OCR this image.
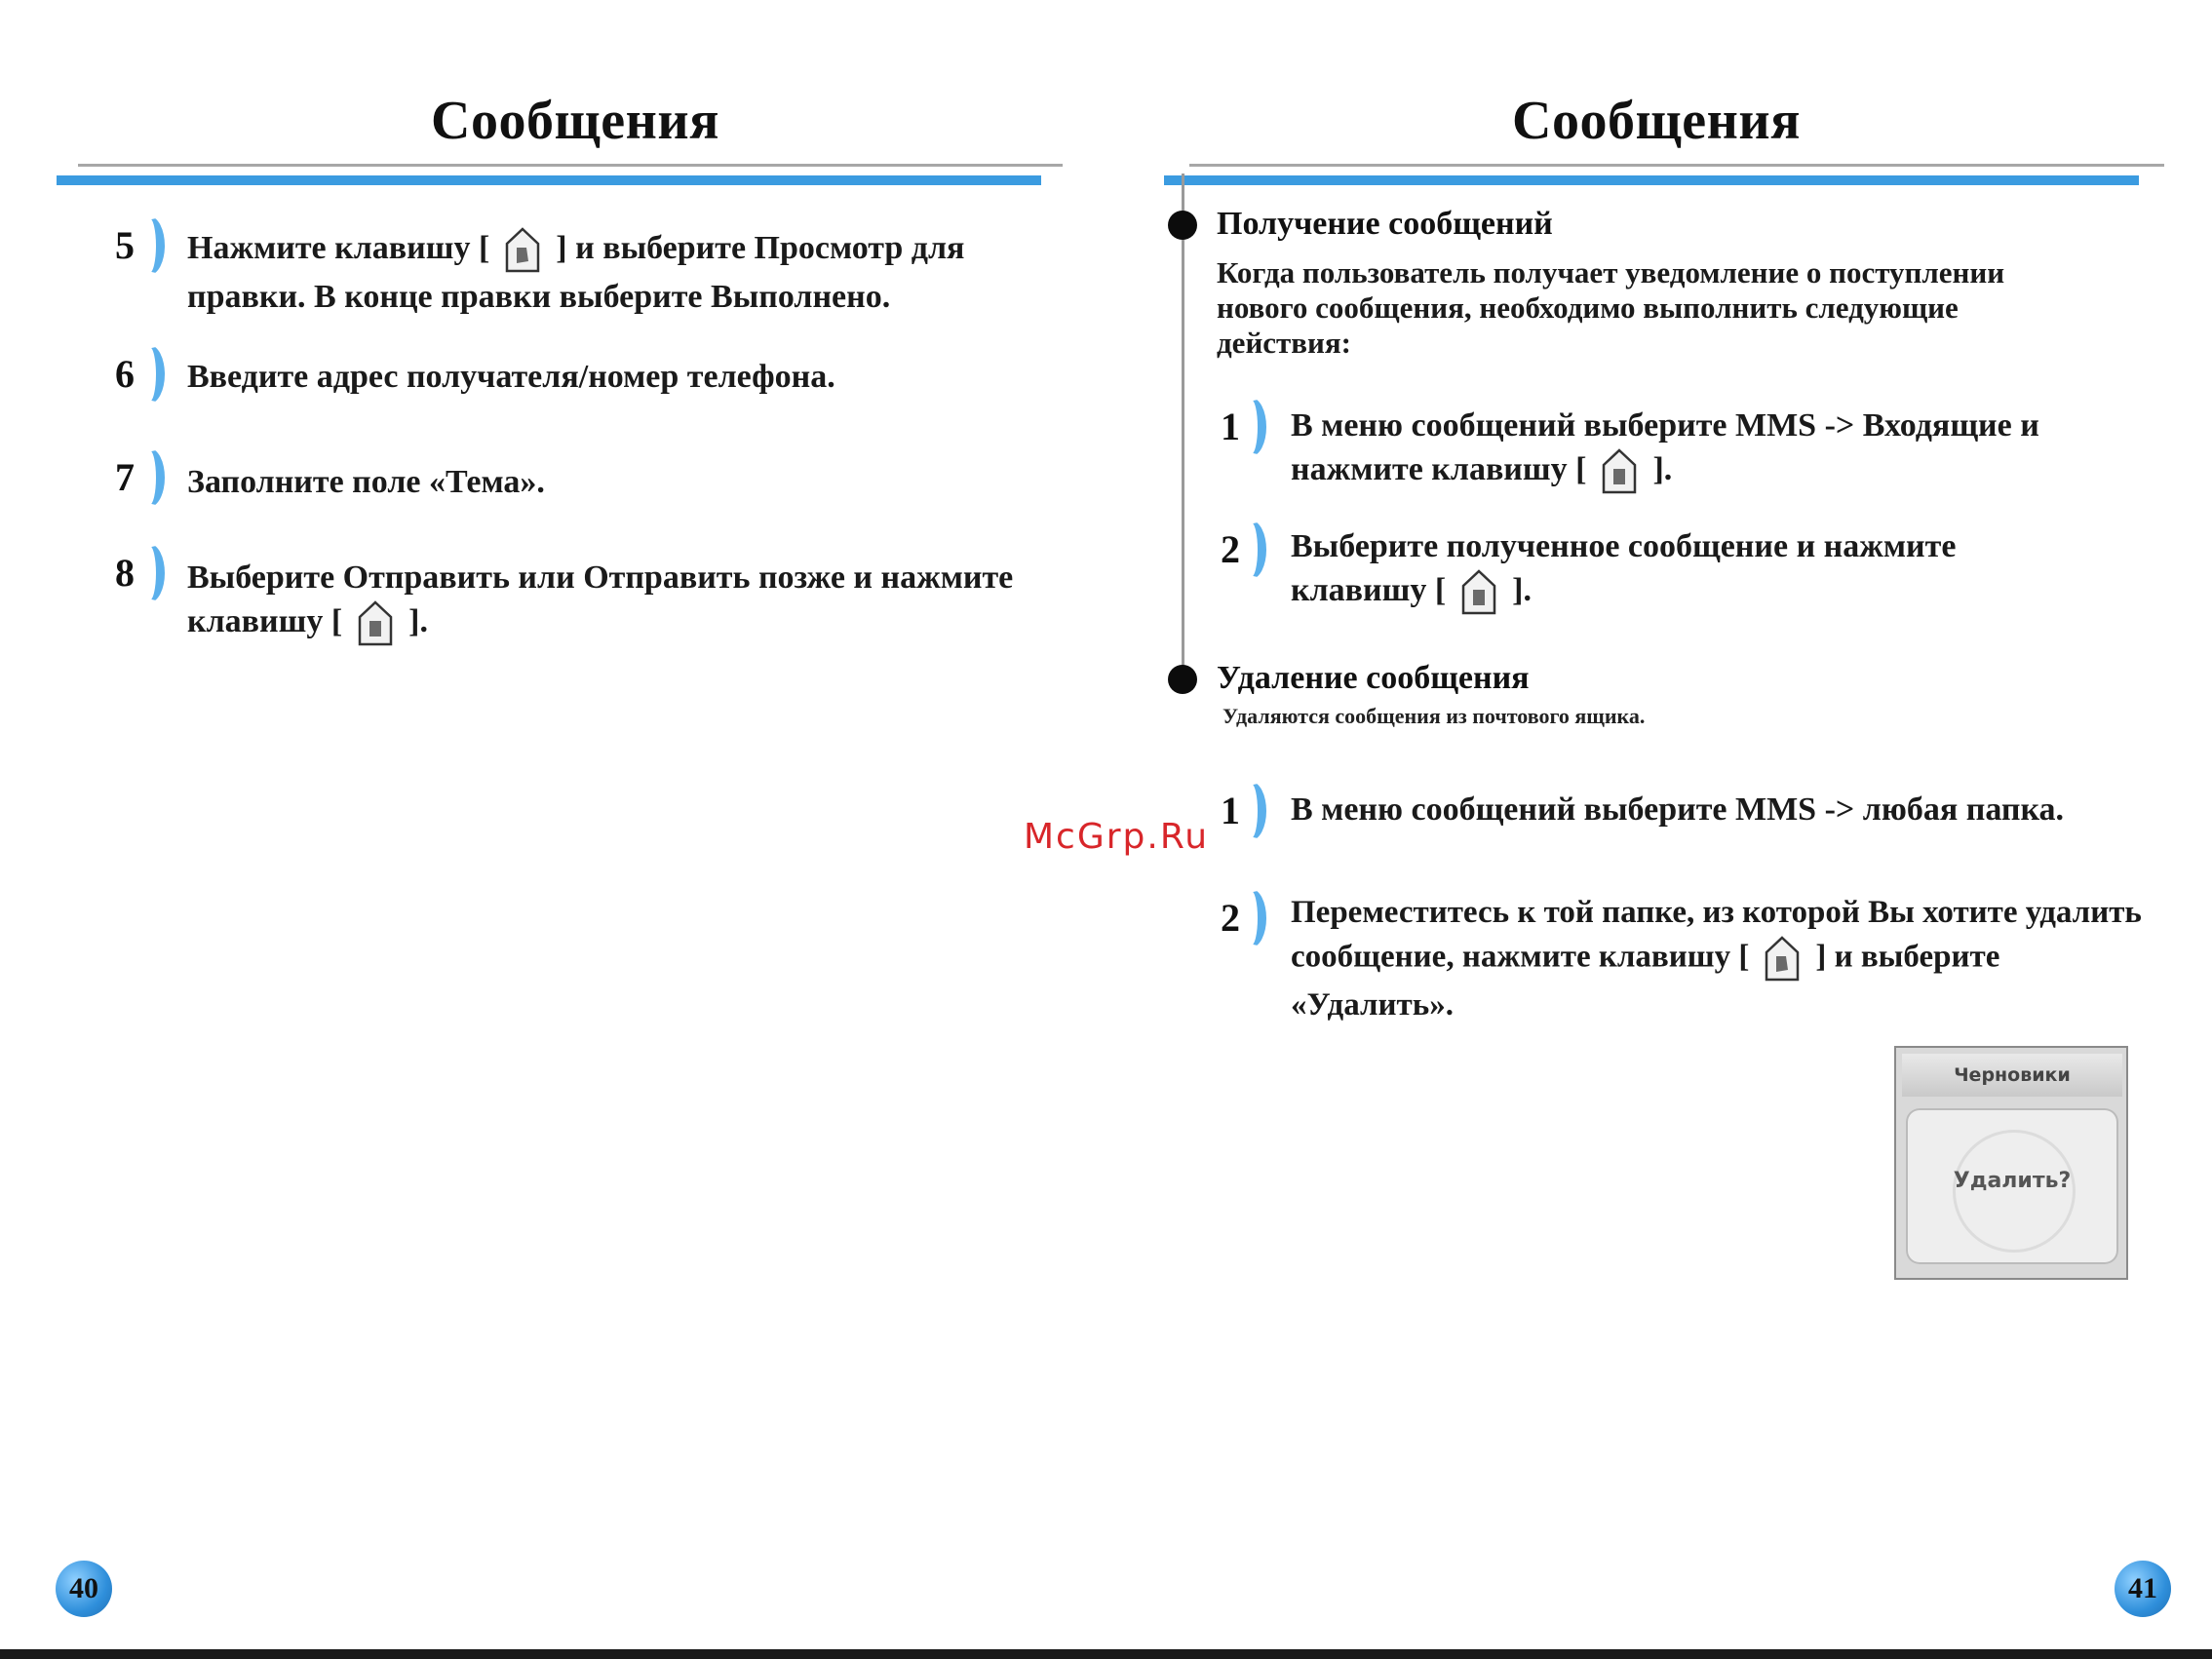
Сообщения
5 Нажмите клавишу [ ] и выберите Просмотр для
правки. В конце правки выберите Выполнено.
6 Введите адрес получателя/номер телефона.
7 Заполните поле «Тема».
8 Выберите Отправить или Отправить позже и нажмите
клавишу [ ].
40
Сообщения
Получение сообщений
Когда пользователь получает уведомление о поступлении
нового сообщения, необходимо выполнить следующие
действия:
1 В меню сообщений выберите MMS -> Входящие и
нажмите клавишу [ ].
2 Выберите полученное сообщение и нажмите
клавишу [ ].
Удаление сообщения
Удаляются сообщения из почтового ящика.
1 В меню сообщений выберите MMS -> любая папка.
2 Переместитесь к той папке, из которой Вы хотите удалить
сообщение, нажмите клавишу [ ] и выберите
«Удалить».
41
Черновики
Удалить?
McGrp.Ru
